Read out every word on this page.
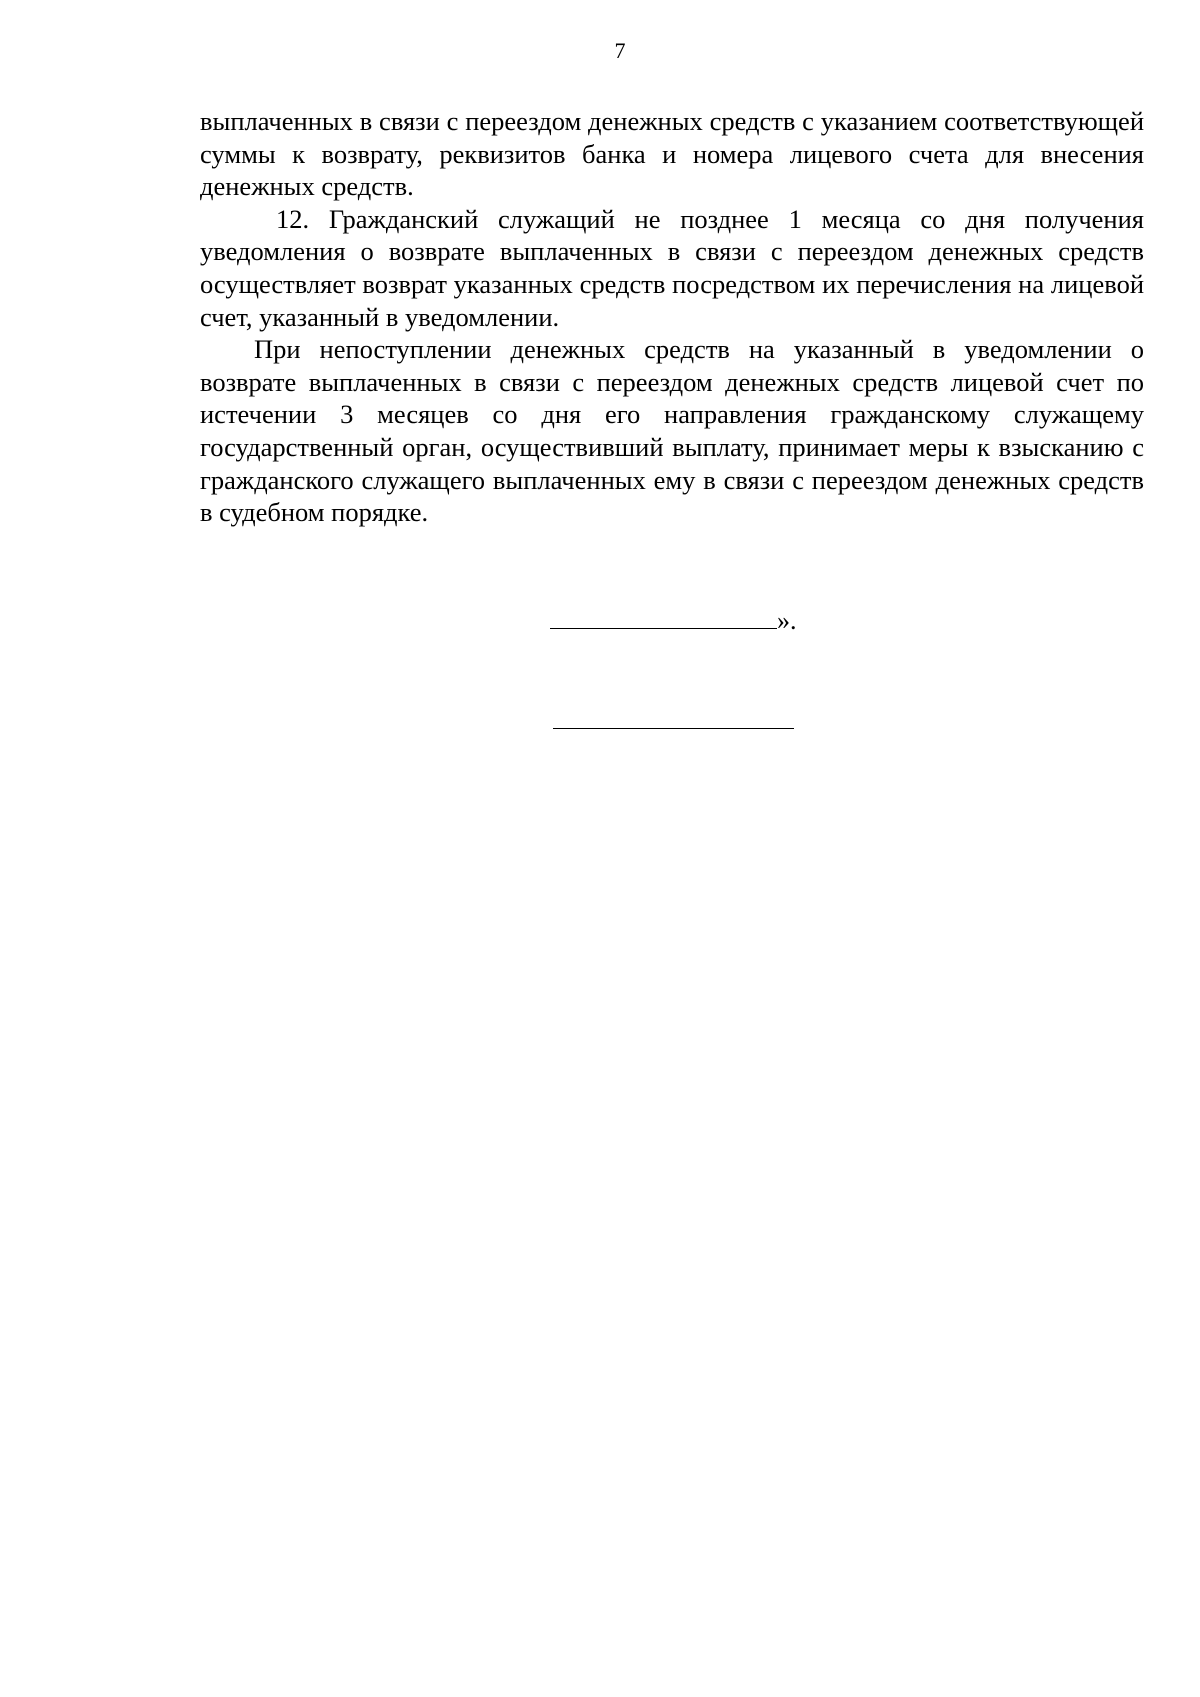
7

выплаченных в связи с переездом денежных средств с указанием соответствующей суммы к возврату, реквизитов банка и номера лицевого счета для внесения денежных средств.

12. Гражданский служащий не позднее 1 месяца со дня получения уведомления о возврате выплаченных в связи с переездом денежных средств осуществляет возврат указанных средств посредством их перечисления на лицевой счет, указанный в уведомлении.

При непоступлении денежных средств на указанный в уведомлении о возврате выплаченных в связи с переездом денежных средств лицевой счет по истечении 3 месяцев со дня его направления гражданскому служащему государственный орган, осуществивший выплату, принимает меры к взысканию с гражданского служащего выплаченных ему в связи с переездом денежных средств в судебном порядке.

».
